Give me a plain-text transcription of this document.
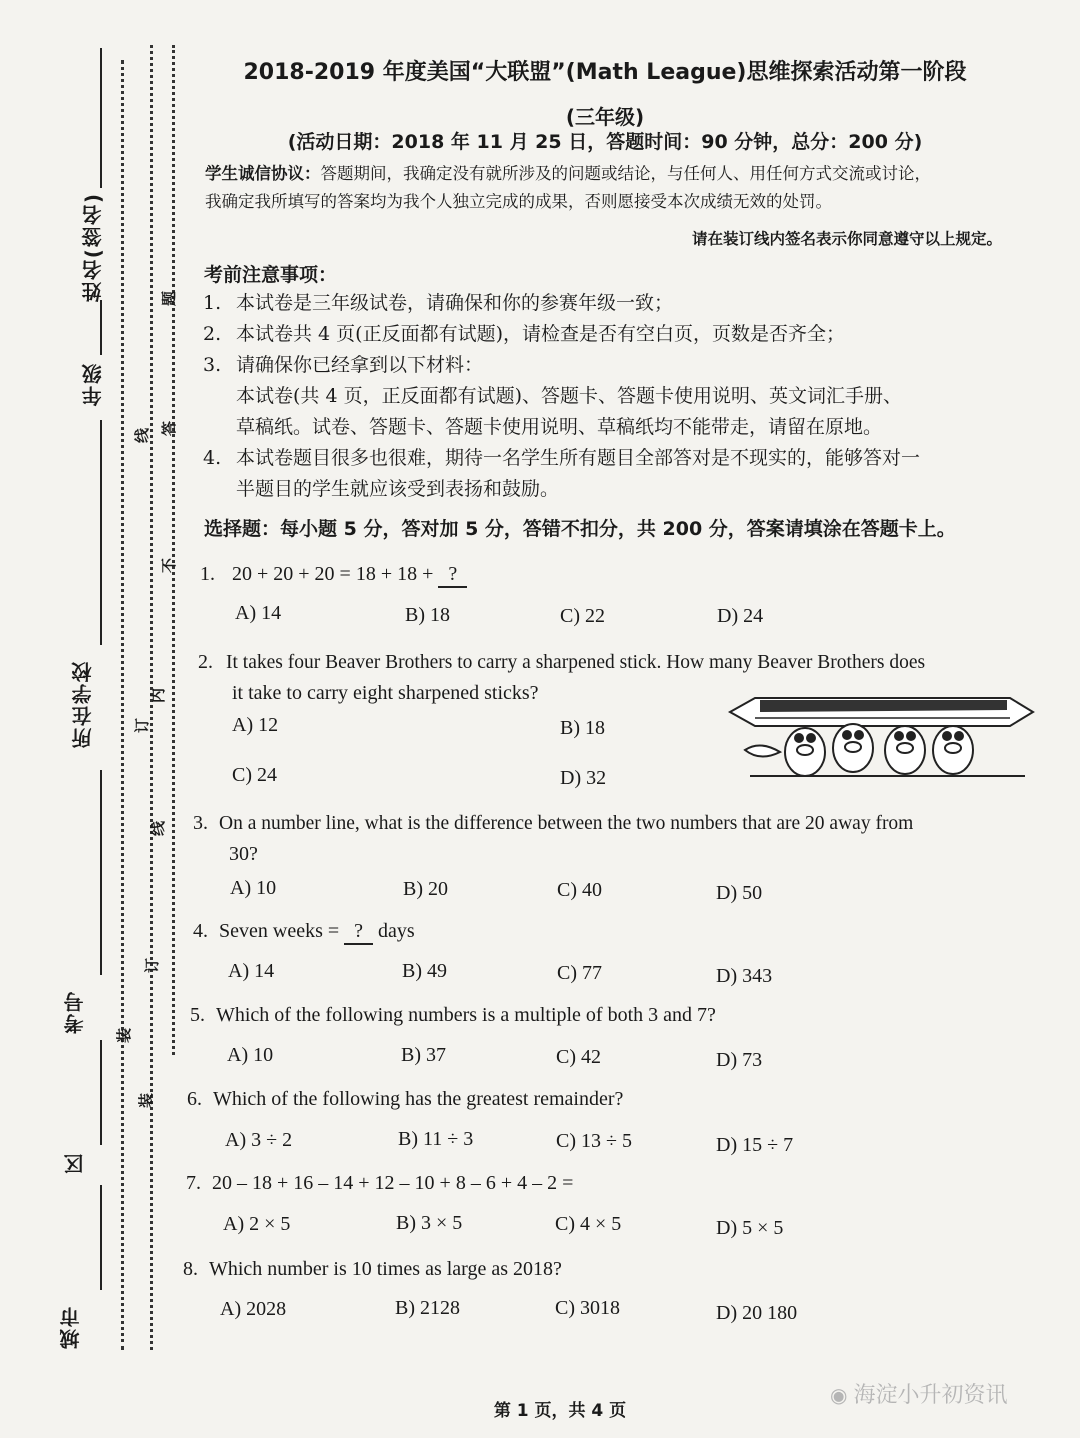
姓名(签名)
年级
所在学校
考号
区
城市
题
答
线
不
内
订
线
订
装
装
2018-2019 年度美国“大联盟”(Math League)思维探索活动第一阶段
(三年级)
(活动日期：2018 年 11 月 25 日，答题时间：90 分钟，总分：200 分)
学生诚信协议：答题期间，我确定没有就所涉及的问题或结论，与任何人、用任何方式交流或讨论，
我确定我所填写的答案均为我个人独立完成的成果，否则愿接受本次成绩无效的处罚。
请在装订线内签名表示你同意遵守以上规定。
考前注意事项：
1. 本试卷是三年级试卷，请确保和你的参赛年级一致；
2. 本试卷共 4 页(正反面都有试题)，请检查是否有空白页，页数是否齐全；
3. 请确保你已经拿到以下材料：
本试卷(共 4 页，正反面都有试题)、答题卡、答题卡使用说明、英文词汇手册、
草稿纸。试卷、答题卡、答题卡使用说明、草稿纸均不能带走，请留在原地。
4. 本试卷题目很多也很难，期待一名学生所有题目全部答对是不现实的，能够答对一
半题目的学生就应该受到表扬和鼓励。
选择题：每小题 5 分，答对加 5 分，答错不扣分，共 200 分，答案请填涂在答题卡上。
1. 20 + 20 + 20 = 18 + 18 + ?
A) 14	B) 18	C) 22	D) 24
2. It takes four Beaver Brothers to carry a sharpened stick. How many Beaver Brothers does
it take to carry eight sharpened sticks?
A) 12	B) 18
C) 24	D) 32
3. On a number line, what is the difference between the two numbers that are 20 away from
30?
A) 10	B) 20	C) 40	D) 50
4. Seven weeks = ? days
A) 14	B) 49	C) 77	D) 343
5. Which of the following numbers is a multiple of both 3 and 7?
A) 10	B) 37	C) 42	D) 73
6. Which of the following has the greatest remainder?
A) 3 ÷ 2	B) 11 ÷ 3	C) 13 ÷ 5	D) 15 ÷ 7
7. 20 – 18 + 16 – 14 + 12 – 10 + 8 – 6 + 4 – 2 =
A) 2 × 5	B) 3 × 5	C) 4 × 5	D) 5 × 5
8. Which number is 10 times as large as 2018?
A) 2028	B) 2128	C) 3018	D) 20 180
第 1 页，共 4 页
◉ 海淀小升初资讯
